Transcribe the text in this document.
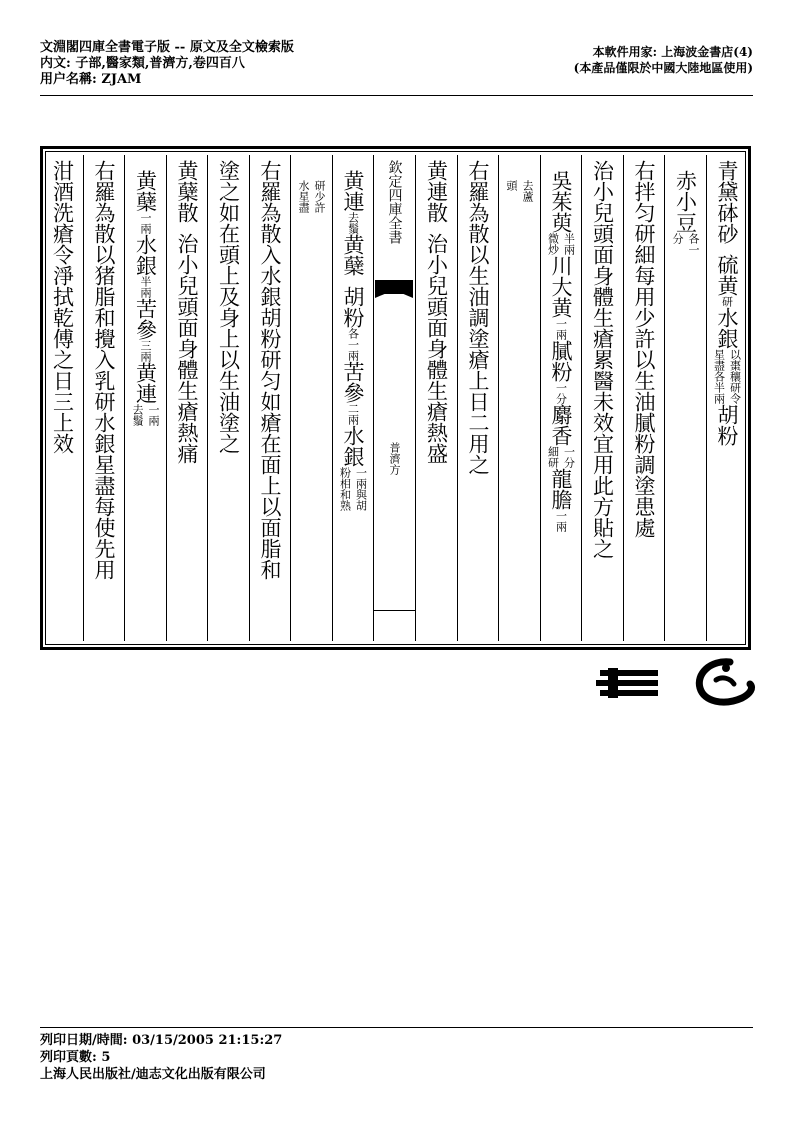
文淵閣四庫全書電子版 -- 原文及全文檢索版
内文: 子部,醫家類,普濟方,卷四百八
用户名稱: ZJAM
本軟件用家: 上海波金書店(4)
(本產品僅限於中國大陸地區使用)
青黛
砵砂
硫黄
研
水銀
以棗穰研令
星盡各半兩
胡粉
赤小豆
各一
分
右拌匀研細每用少許以生油膩粉調塗患處
治小兒頭面身體生瘡累醫未效宜用此方貼之
吳茱萸
半兩
微炒
川大黄
一兩
膩粉
一分
麝香
一分
細研
龍膽
一兩
去蘆
頭
右羅為散以生油調塗瘡上日二用之
黄連散
治小兒頭面身體生瘡熱盛
欽定四庫全書
普濟方
黄連
去鬚
黄蘖
胡粉
各一兩
苦參
二兩
水銀
一兩與胡
粉相和熟
研少許
水星盡
右羅為散入水銀胡粉研匀如瘡在面上以面脂和
塗之如在頭上及身上以生油塗之
黄蘖散
治小兒頭面身體生瘡熱痛
黄蘖
一兩
水銀
半兩
苦參
三兩
黄連
一兩
去鬚
右羅為散以猪脂和攪入乳研水銀星盡每使先用
泔酒洗瘡令淨拭乾傅之日三上效
列印日期/時間: 03/15/2005 21:15:27
列印頁數: 5
上海人民出版社/迪志文化出版有限公司
